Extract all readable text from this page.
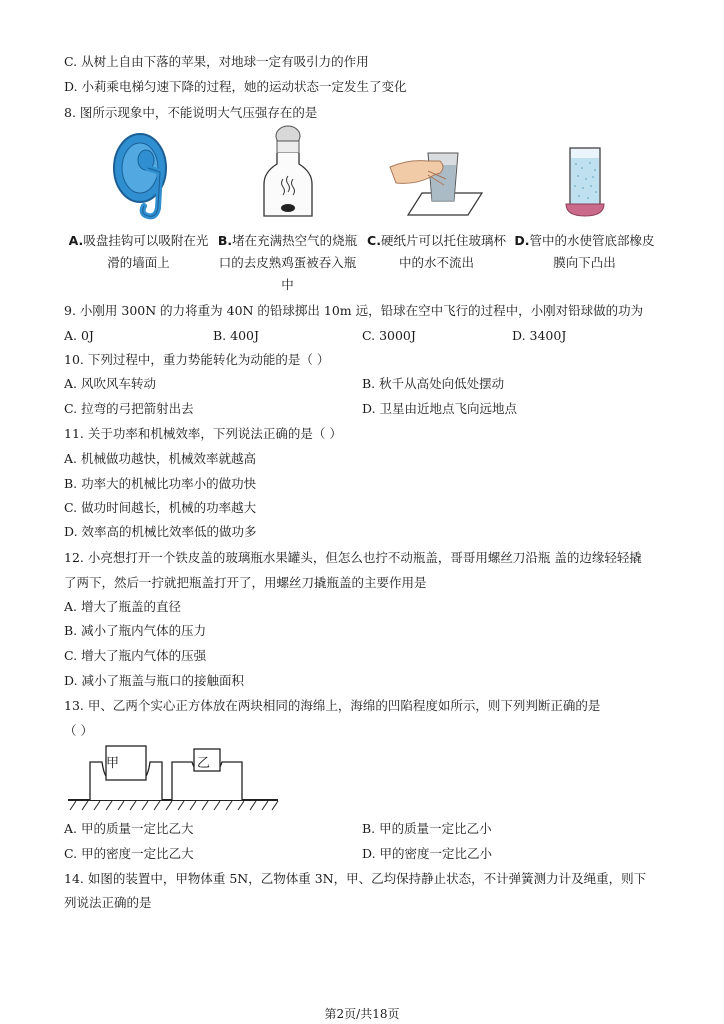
C. 从树上自由下落的苹果，对地球一定有吸引力的作用
D. 小莉乘电梯匀速下降的过程，她的运动状态一定发生了变化
8. 图所示现象中，不能说明大气压强存在的是
A.吸盘挂钩可以吸附在光
滑的墙面上
B.堵在充满热空气的烧瓶
口的去皮熟鸡蛋被吞入瓶
中
C.硬纸片可以托住玻璃杯
中的水不流出
D.管中的水使管底部橡皮
膜向下凸出
9. 小刚用 300N 的力将重为 40N 的铅球掷出 10m 远，铅球在空中飞行的过程中，小刚对铅球做的功为
A. 0J	B. 400J	C. 3000J	D. 3400J
10. 下列过程中，重力势能转化为动能的是（ ）
A. 风吹风车转动	B. 秋千从高处向低处摆动
C. 拉弯的弓把箭射出去	D. 卫星由近地点飞向远地点
11. 关于功率和机械效率，下列说法正确的是（ ）
A. 机械做功越快，机械效率就越高
B. 功率大的机械比功率小的做功快
C. 做功时间越长，机械的功率越大
D. 效率高的机械比效率低的做功多
12. 小亮想打开一个铁皮盖的玻璃瓶水果罐头，但怎么也拧不动瓶盖，哥哥用螺丝刀沿瓶 盖的边缘轻轻撬
了两下，然后一拧就把瓶盖打开了，用螺丝刀撬瓶盖的主要作用是
A. 增大了瓶盖的直径
B. 减小了瓶内气体的压力
C. 增大了瓶内气体的压强
D. 减小了瓶盖与瓶口的接触面积
13. 甲、乙两个实心正方体放在两块相同的海绵上，海绵的凹陷程度如所示，则下列判断正确的是
（ ）
甲	乙
A. 甲的质量一定比乙大	B. 甲的质量一定比乙小
C. 甲的密度一定比乙大	D. 甲的密度一定比乙小
14. 如图的装置中，甲物体重 5N，乙物体重 3N，甲、乙均保持静止状态，不计弹簧测力计及绳重，则下
列说法正确的是
第2页/共18页
